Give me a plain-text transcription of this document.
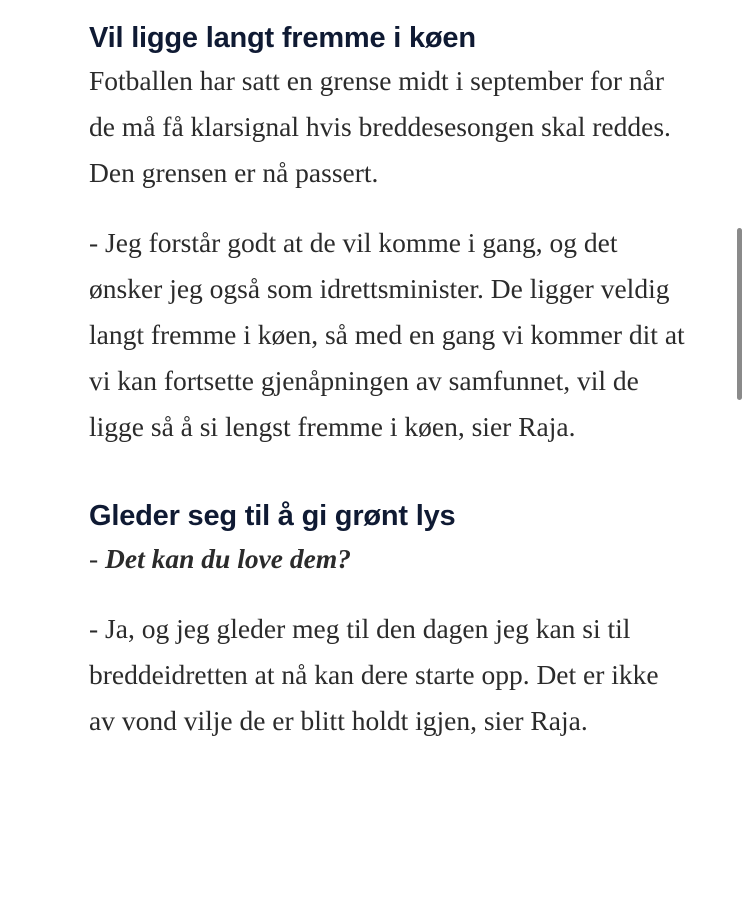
Vil ligge langt fremme i køen

Fotballen har satt en grense midt i september for når de må få klarsignal hvis breddesesongen skal reddes. Den grensen er nå passert.

- Jeg forstår godt at de vil komme i gang, og det ønsker jeg også som idrettsminister. De ligger veldig langt fremme i køen, så med en gang vi kommer dit at vi kan fortsette gjenåpningen av samfunnet, vil de ligge så å si lengst fremme i køen, sier Raja.

Gleder seg til å gi grønt lys

- Det kan du love dem?

- Ja, og jeg gleder meg til den dagen jeg kan si til breddeidretten at nå kan dere starte opp. Det er ikke av vond vilje de er blitt holdt igjen, sier Raja.
